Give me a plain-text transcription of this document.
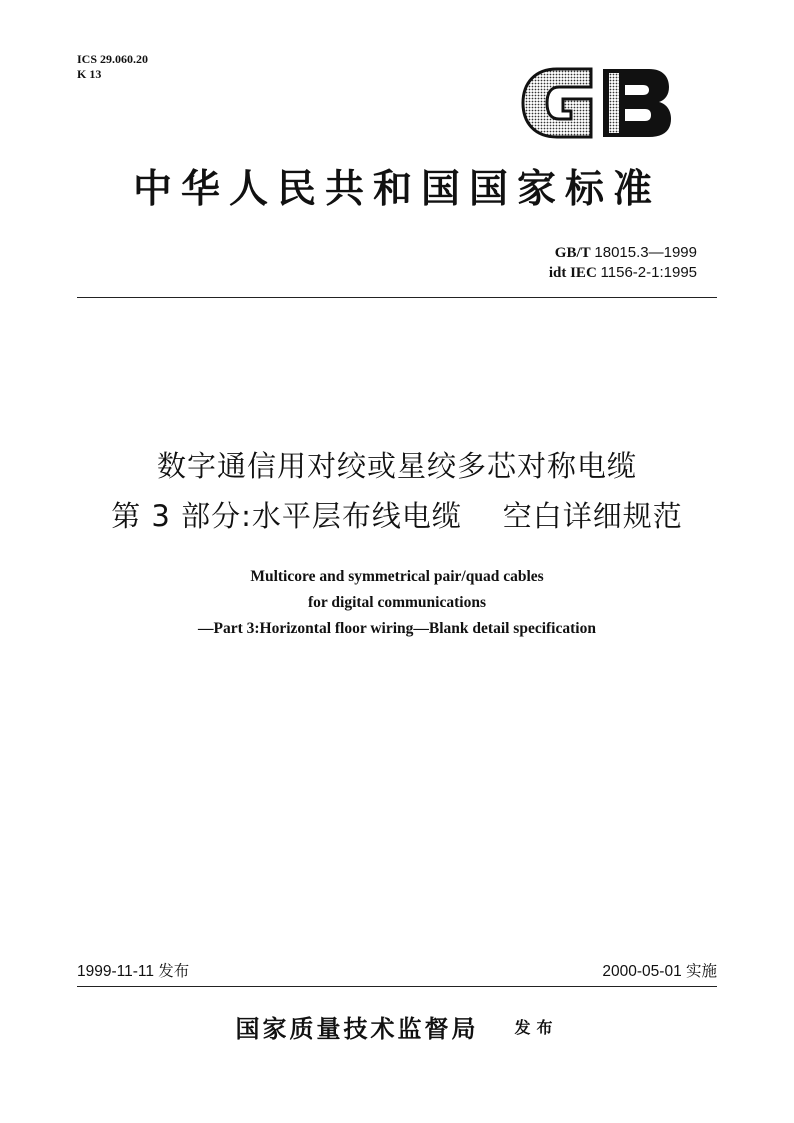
ICS 29.060.20
K 13
GB
中华人民共和国国家标准
GB/T 18015.3—1999
idt IEC 1156-2-1:1995
数字通信用对绞或星绞多芯对称电缆
第 3 部分:水平层布线电缆    空白详细规范
Multicore and symmetrical pair/quad cables
for digital communications
—Part 3:Horizontal floor wiring—Blank detail specification
1999-11-11 发布	2000-05-01 实施
国家质量技术监督局 发布
